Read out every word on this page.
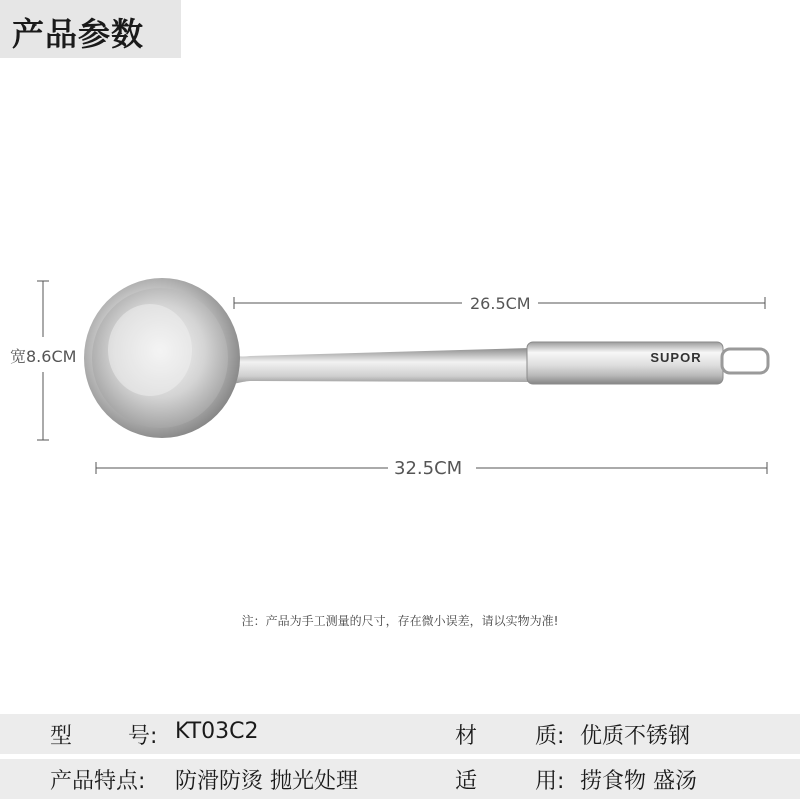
产品参数
SUPOR
宽8.6CM
26.5CM
32.5CM
注：产品为手工测量的尺寸，存在微小误差，请以实物为准!
型	号: KT03C2	材	质: 优质不锈钢
产品特点: 防滑防烫 抛光处理	适	用: 捞食物 盛汤
